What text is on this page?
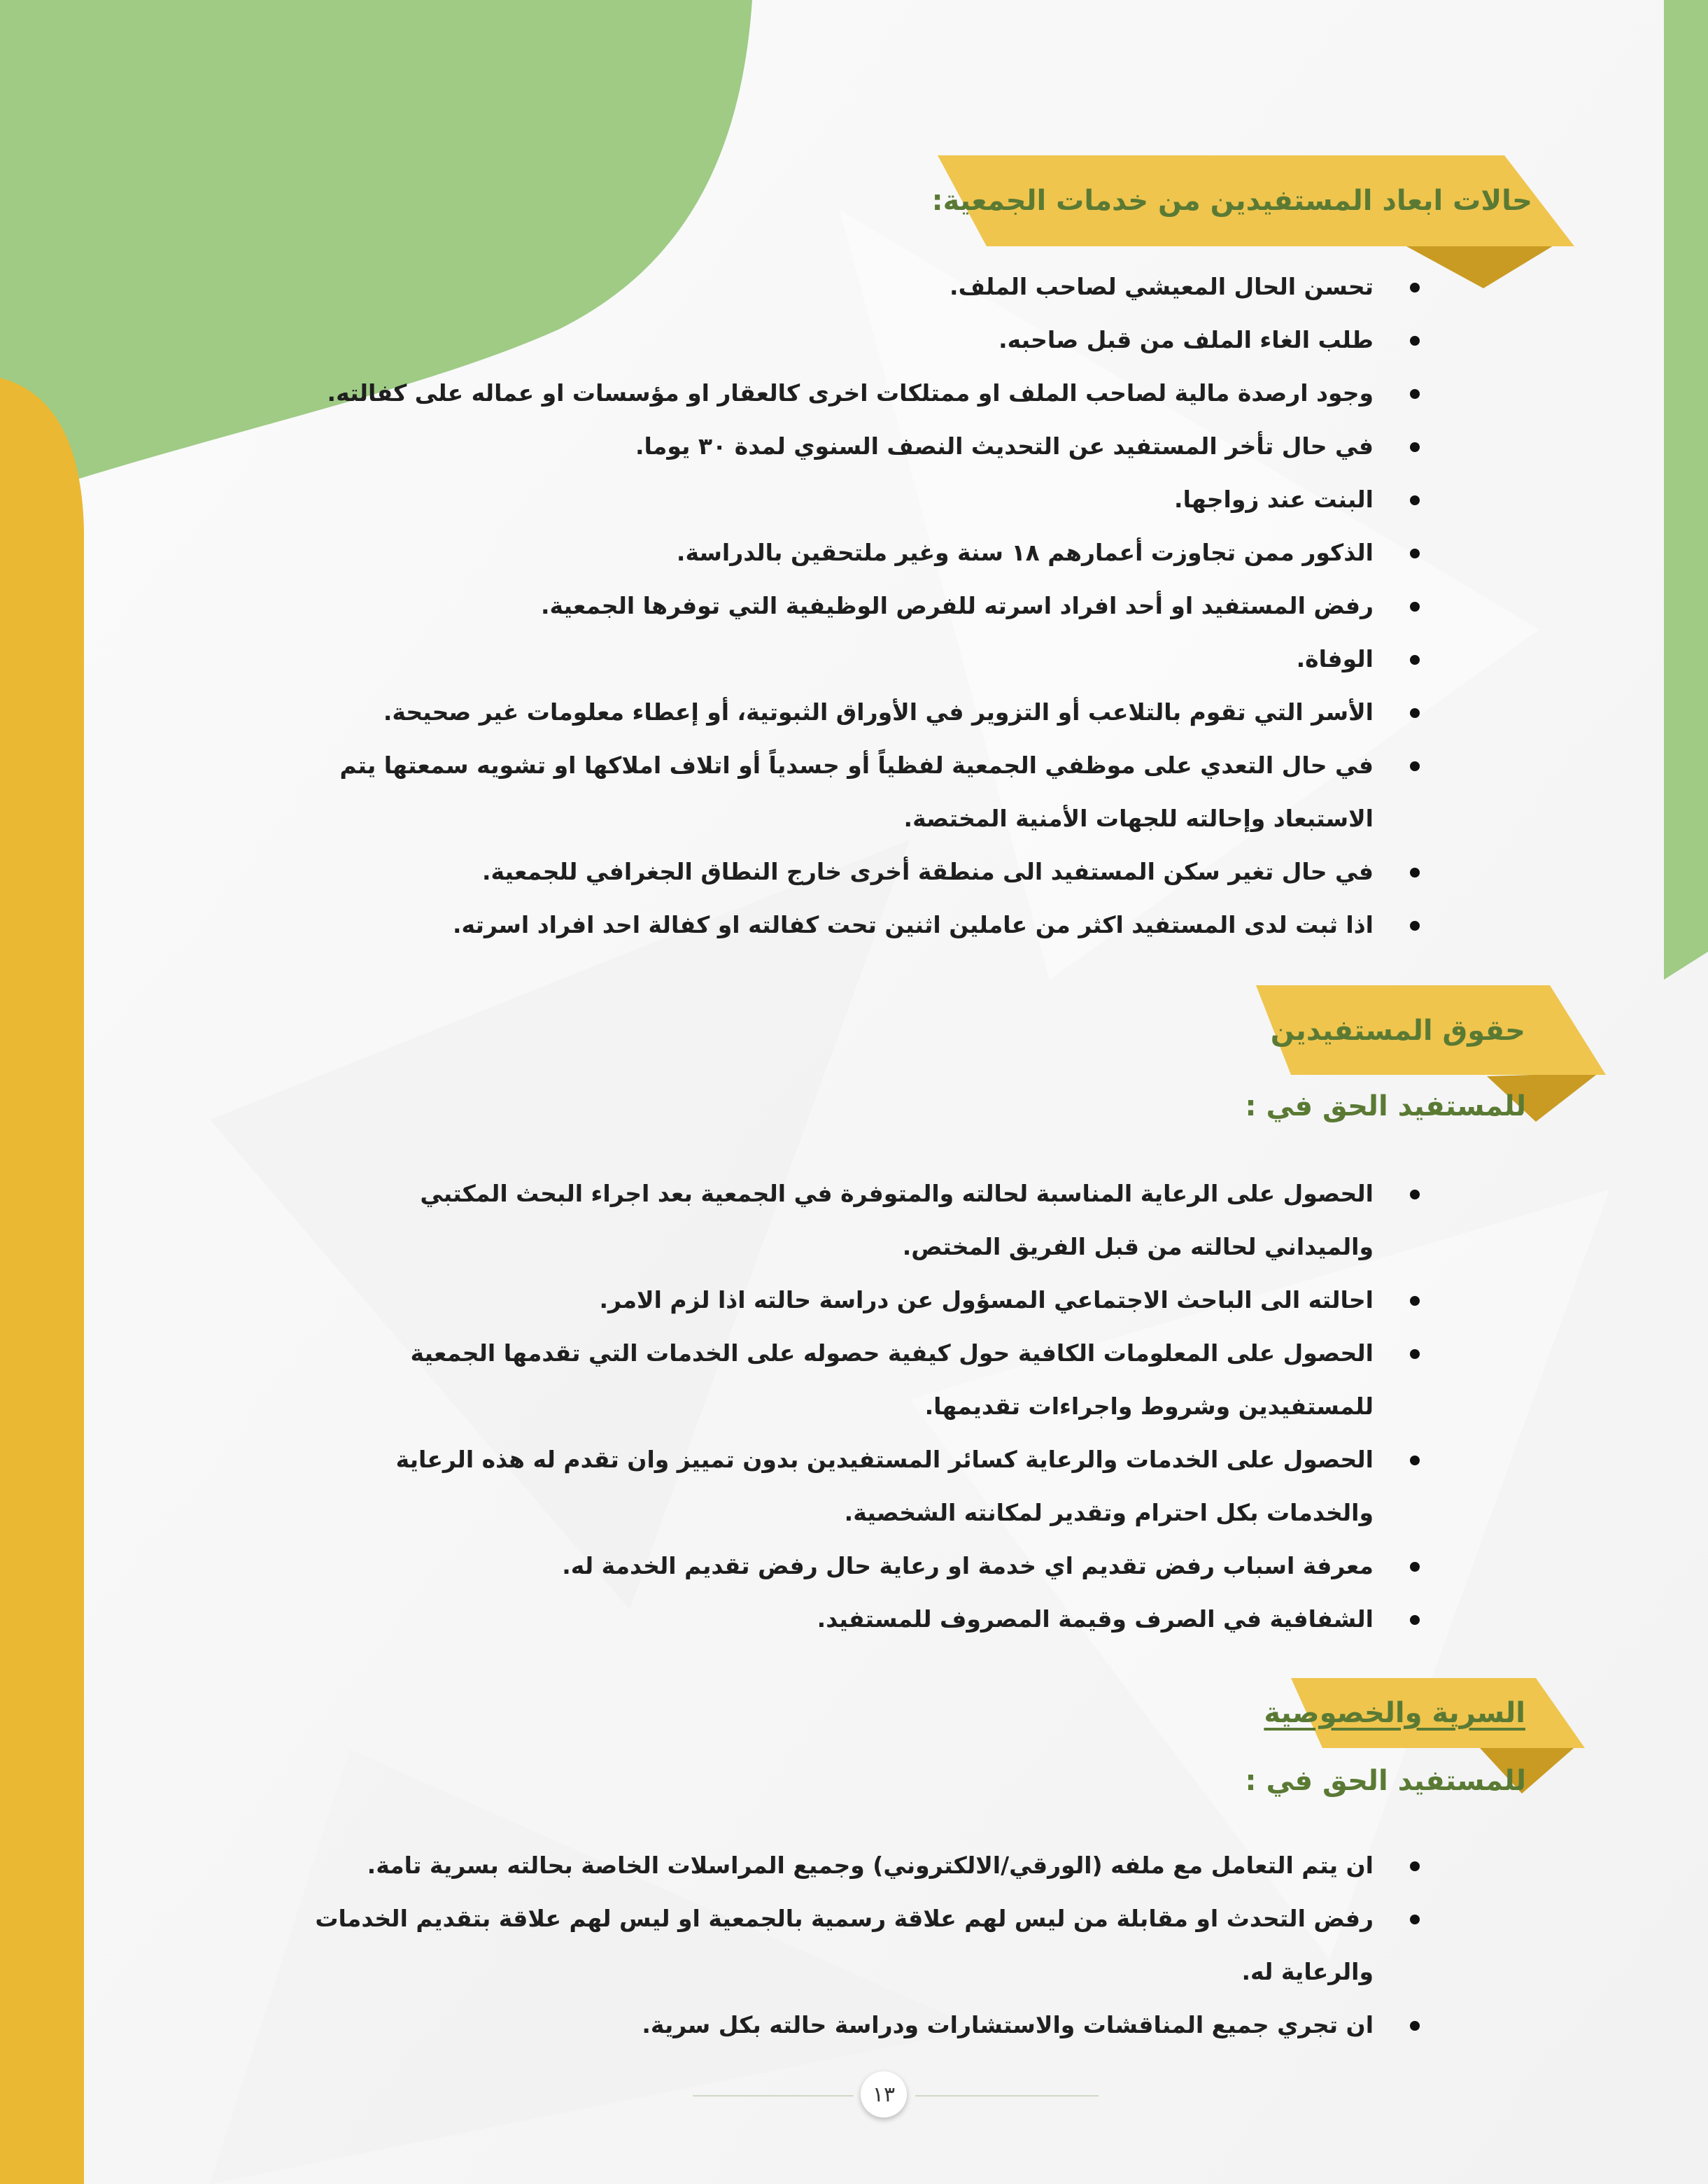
حالات ابعاد المستفيدين من خدمات الجمعية:
تحسن الحال المعيشي لصاحب الملف.
طلب الغاء الملف من قبل صاحبه.
وجود ارصدة مالية لصاحب الملف او ممتلكات اخرى كالعقار او مؤسسات او عماله على كفالته.
في حال تأخر المستفيد عن التحديث النصف السنوي لمدة ٣٠ يوما.
البنت عند زواجها.
الذكور ممن تجاوزت أعمارهم ١٨ سنة وغير ملتحقين بالدراسة.
رفض المستفيد او أحد افراد اسرته للفرص الوظيفية التي توفرها الجمعية.
الوفاة.
الأسر التي تقوم بالتلاعب أو التزوير في الأوراق الثبوتية، أو إعطاء معلومات غير صحيحة.
في حال التعدي على موظفي الجمعية لفظياً أو جسدياً أو اتلاف املاكها او تشويه سمعتها يتم الاستبعاد وإحالته للجهات الأمنية المختصة.
في حال تغير سكن المستفيد الى منطقة أخرى خارج النطاق الجغرافي للجمعية.
اذا ثبت لدى المستفيد اكثر من عاملين اثنين تحت كفالته او كفالة احد افراد اسرته.
حقوق المستفيدين
للمستفيد الحق في :
الحصول على الرعاية المناسبة لحالته والمتوفرة في الجمعية بعد اجراء البحث المكتبي والميداني لحالته من قبل الفريق المختص.
احالته الى الباحث الاجتماعي المسؤول عن دراسة حالته اذا لزم الامر.
الحصول على المعلومات الكافية حول كيفية حصوله على الخدمات التي تقدمها الجمعية للمستفيدين وشروط واجراءات تقديمها.
الحصول على الخدمات والرعاية كسائر المستفيدين بدون تمييز وان تقدم له هذه الرعاية والخدمات بكل احترام وتقدير لمكانته الشخصية.
معرفة اسباب رفض تقديم اي خدمة او رعاية حال رفض تقديم الخدمة له.
الشفافية في الصرف وقيمة المصروف للمستفيد.
السرية والخصوصية
للمستفيد الحق في :
ان يتم التعامل مع ملفه (الورقي/الالكتروني) وجميع المراسلات الخاصة بحالته بسرية تامة.
رفض التحدث او مقابلة من ليس لهم علاقة رسمية بالجمعية او ليس لهم علاقة بتقديم الخدمات والرعاية له.
ان تجري جميع المناقشات والاستشارات ودراسة حالته بكل سرية.
١٣
